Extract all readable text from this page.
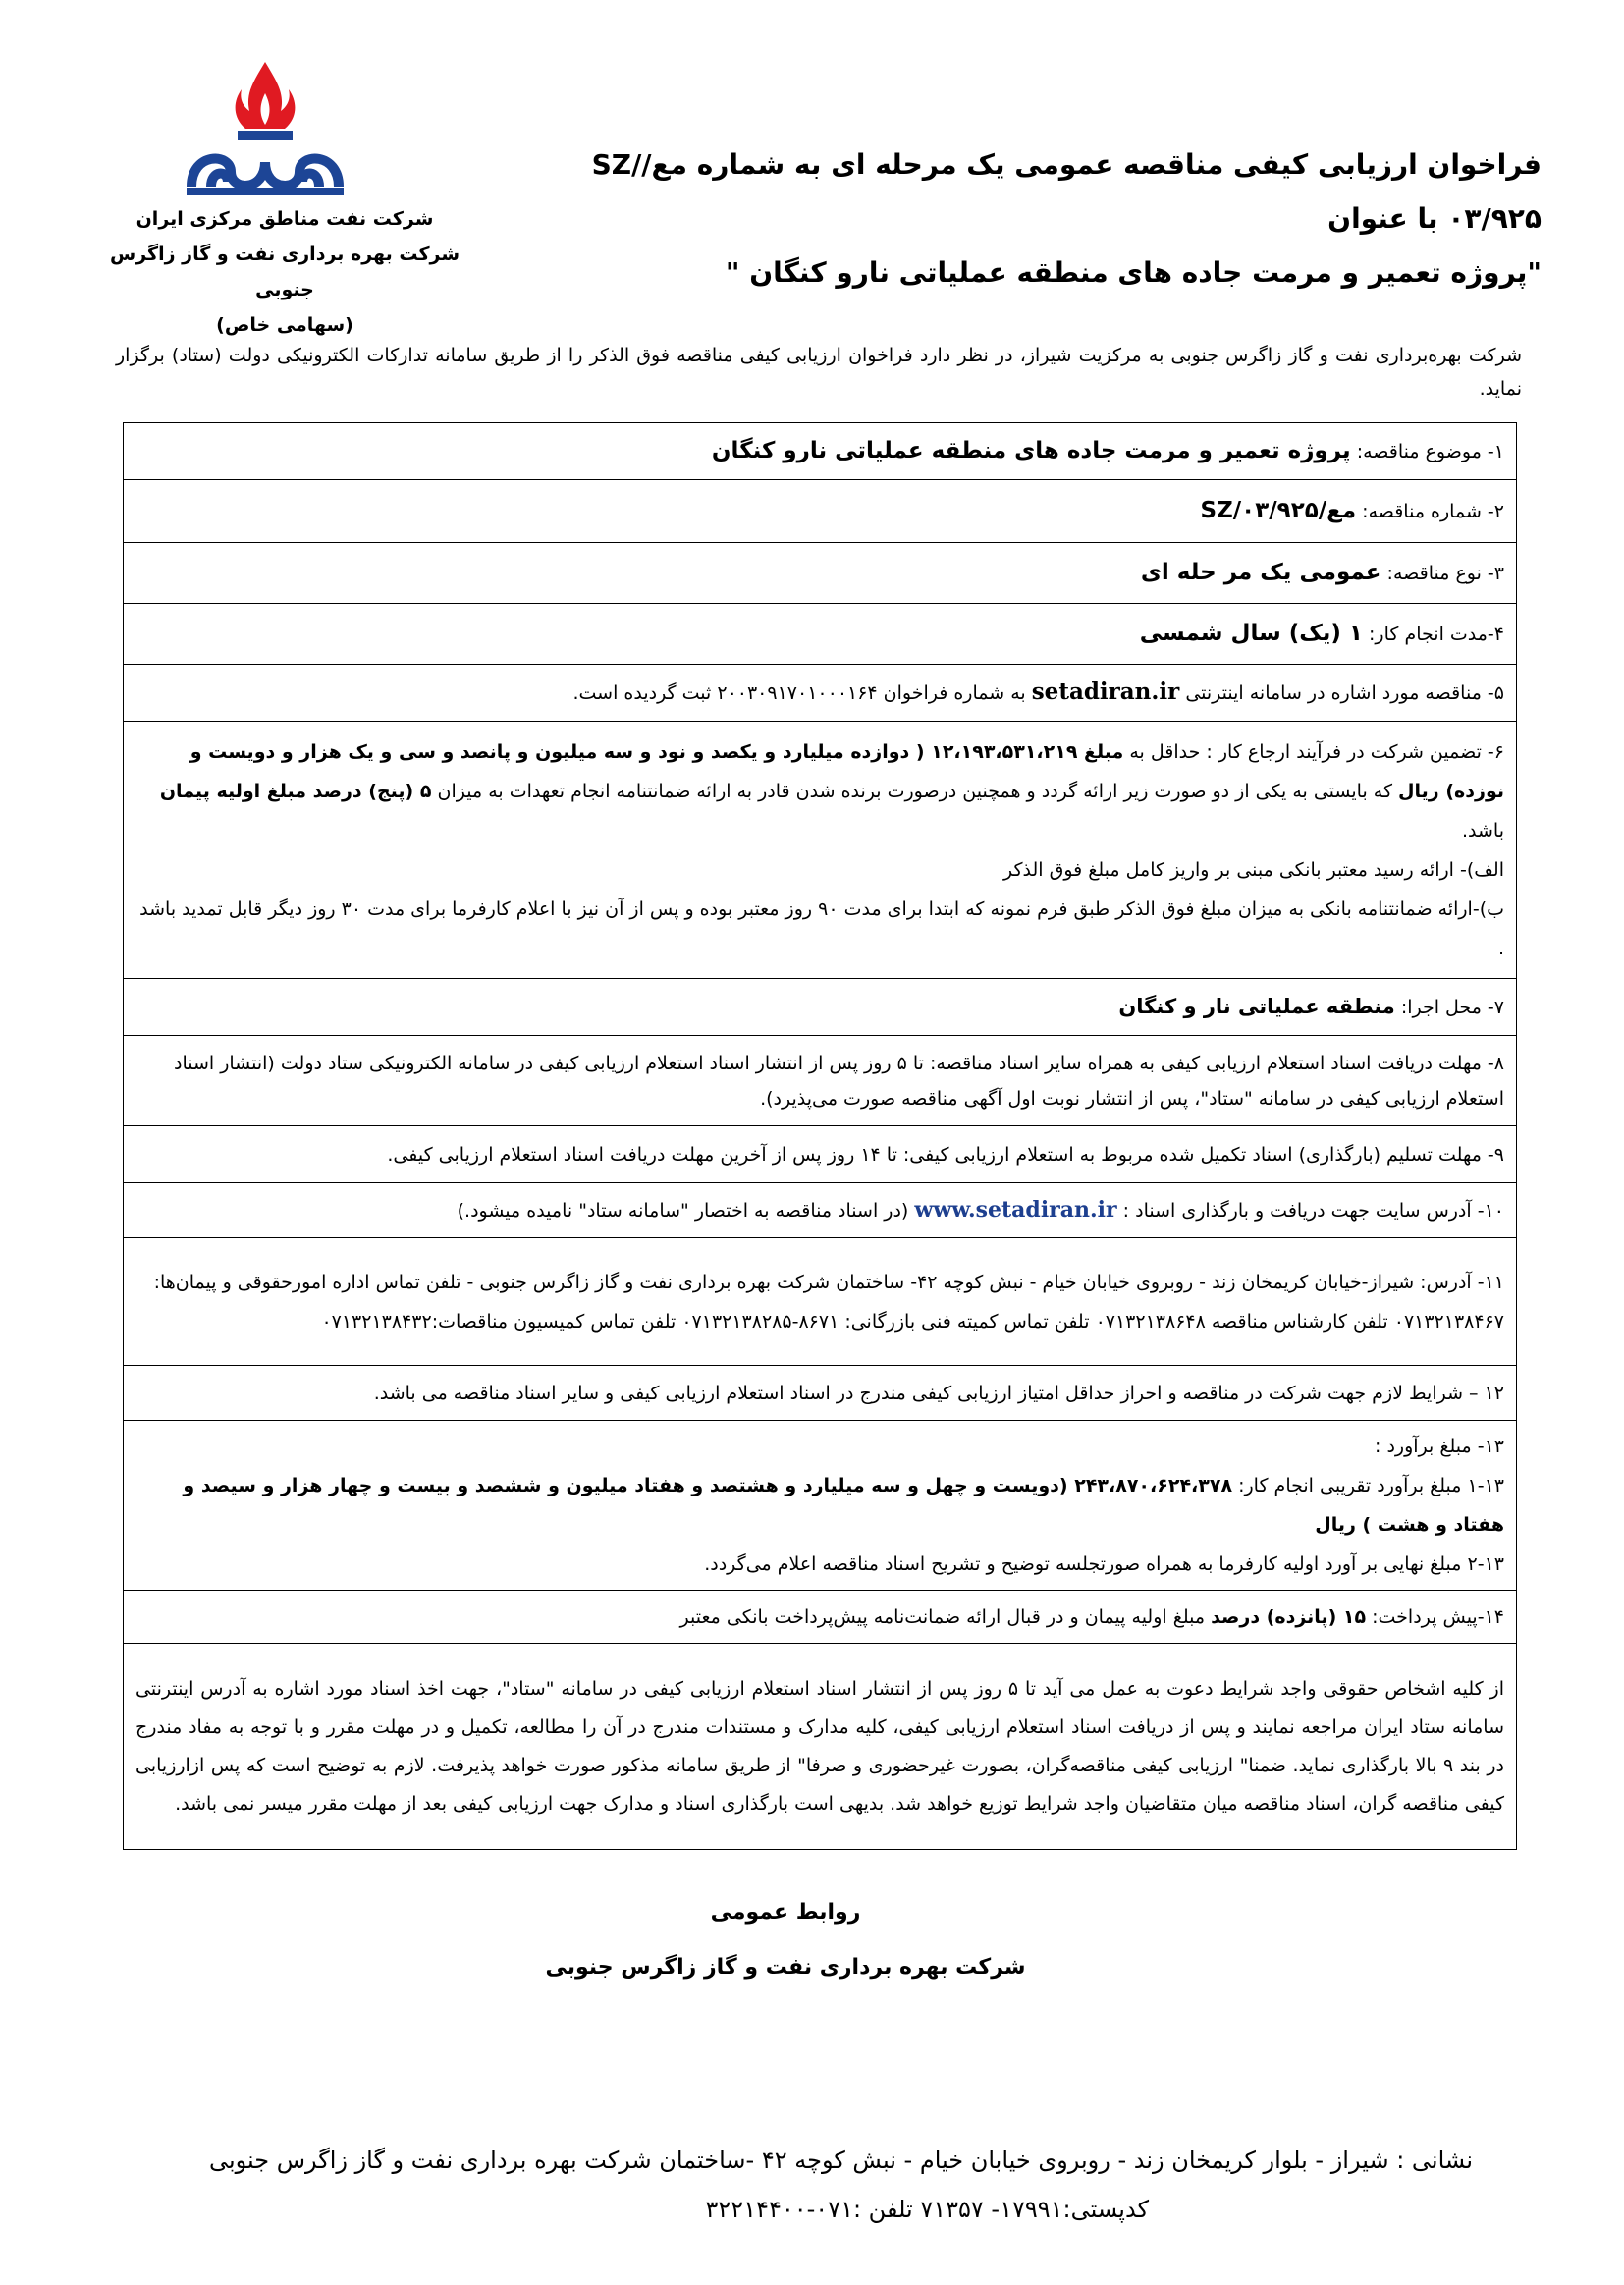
شرکت نفت مناطق مرکزی ایران
شرکت بهره برداری نفت و گاز زاگرس جنوبی
(سهامی خاص)
فراخوان ارزیابی کیفی مناقصه عمومی یک مرحله ای به شماره مع/SZ/۰۳/۹۲۵ با عنوان
"پروژه تعمیر و مرمت جاده های منطقه عملیاتی نارو کنگان "
شرکت بهره‌برداری نفت و گاز زاگرس جنوبی به مرکزیت شیراز، در نظر دارد فراخوان ارزیابی کیفی مناقصه فوق الذکر را از طریق سامانه تدارکات الکترونیکی دولت (ستاد) برگزار نماید.
۱- موضوع مناقصه: پروژه تعمیر و مرمت جاده های منطقه عملیاتی نارو کنگان
۲- شماره مناقصه: مع/SZ/۰۳/۹۲۵
۳- نوع مناقصه: عمومی یک مر حله ای
۴-مدت انجام کار: ۱ (یک) سال شمسی
۵- مناقصه مورد اشاره در سامانه اینترنتی setadiran.ir به شماره فراخوان ۲۰۰۳۰۹۱۷۰۱۰۰۰۱۶۴ ثبت گردیده است.
۶- تضمین شرکت در فرآیند ارجاع کار : حداقل به مبلغ ۱۲،۱۹۳،۵۳۱،۲۱۹ ( دوازده میلیارد و یکصد و نود و سه میلیون و پانصد و سی و یک هزار و دویست و نوزده) ریال که بایستی به یکی از دو صورت زیر ارائه گردد و همچنین درصورت برنده شدن قادر به ارائه ضمانتنامه انجام تعهدات به میزان ۵ (پنج) درصد مبلغ اولیه پیمان باشد.
الف)- ارائه رسید معتبر بانکی مبنی بر واریز کامل مبلغ فوق الذکر
ب)-ارائه ضمانتنامه بانکی به میزان مبلغ فوق الذکر طبق فرم نمونه که ابتدا برای مدت ۹۰ روز معتبر بوده و پس از آن نیز با اعلام کارفرما برای مدت ۳۰ روز دیگر قابل تمدید باشد .

۷- محل اجرا: منطقه عملیاتی نار و کنگان
۸- مهلت دریافت اسناد استعلام ارزیابی کیفی به همراه سایر اسناد مناقصه: تا ۵ روز پس از انتشار اسناد استعلام ارزیابی کیفی در سامانه الکترونیکی ستاد دولت (انتشار اسناد استعلام ارزیابی کیفی در سامانه "ستاد"، پس از انتشار نوبت اول آگهی مناقصه صورت می‌پذیرد).
۹- مهلت تسلیم (بارگذاری) اسناد تکمیل شده مربوط به استعلام ارزیابی کیفی: تا ۱۴ روز پس از آخرین مهلت دریافت اسناد استعلام ارزیابی کیفی.
۱۰- آدرس سایت جهت دریافت و بارگذاری اسناد : www.setadiran.ir (در اسناد مناقصه به اختصار "سامانه ستاد" نامیده میشود.)
۱۱- آدرس: شیراز-خیابان کریمخان زند - روبروی خیابان خیام - نبش کوچه ۴۲- ساختمان شرکت بهره برداری نفت و گاز زاگرس جنوبی - تلفن تماس اداره امورحقوقی و پیمان‌ها: ۰۷۱۳۲۱۳۸۴۶۷ تلفن کارشناس مناقصه ۰۷۱۳۲۱۳۸۶۴۸ تلفن تماس کمیته فنی بازرگانی: ۸۶۷۱-۰۷۱۳۲۱۳۸۲۸۵ تلفن تماس کمیسیون مناقصات:۰۷۱۳۲۱۳۸۴۳۲
۱۲ – شرایط لازم جهت شرکت در مناقصه و احراز حداقل امتیاز ارزیابی کیفی مندرج در اسناد استعلام ارزیابی کیفی و سایر اسناد مناقصه می باشد.

۱۳- مبلغ برآورد :
۱-۱۳ مبلغ برآورد تقریبی انجام کار: ۲۴۳،۸۷۰،۶۲۴،۳۷۸ (دویست و چهل و سه میلیارد و هشتصد و هفتاد میلیون و ششصد و بیست و چهار هزار و سیصد و هفتاد و هشت ) ریال
۲-۱۳ مبلغ نهایی بر آورد اولیه کارفرما به همراه صورتجلسه توضیح و تشریح اسناد مناقصه اعلام می‌گردد.

۱۴-پیش پرداخت: ۱۵ (پانزده) درصد مبلغ اولیه پیمان و در قبال ارائه ضمانت‌نامه پیش‌پرداخت بانکی معتبر
از کلیه اشخاص حقوقی واجد شرایط دعوت به عمل می آید تا ۵ روز پس از انتشار اسناد استعلام ارزیابی کیفی در سامانه "ستاد"، جهت اخذ اسناد مورد اشاره به آدرس اینترنتی سامانه ستاد ایران مراجعه نمایند و پس از دریافت اسناد استعلام ارزیابی کیفی، کلیه مدارک و مستندات مندرج در آن را مطالعه، تکمیل و در مهلت مقرر و با توجه به مفاد مندرج در بند ۹ بالا بارگذاری نماید. ضمنا" ارزیابی کیفی مناقصه‌گران، بصورت غیرحضوری و صرفا" از طریق سامانه مذکور صورت خواهد پذیرفت. لازم به توضیح است که پس ازارزیابی کیفی مناقصه گران، اسناد مناقصه میان متقاضیان واجد شرایط توزیع خواهد شد. بدیهی است بارگذاری اسناد و مدارک جهت ارزیابی کیفی بعد از مهلت مقرر میسر نمی باشد.
روابط عمومی
شرکت بهره برداری نفت و گاز زاگرس جنوبی
نشانی : شیراز - بلوار کریمخان زند - روبروی خیابان خیام - نبش کوچه ۴۲ -ساختمان شرکت بهره برداری نفت و گاز زاگرس جنوبی
کدپستی:۱۷۹۹۱- ۷۱۳۵۷ تلفن :۰۷۱-۳۲۲۱۴۴۰۰
